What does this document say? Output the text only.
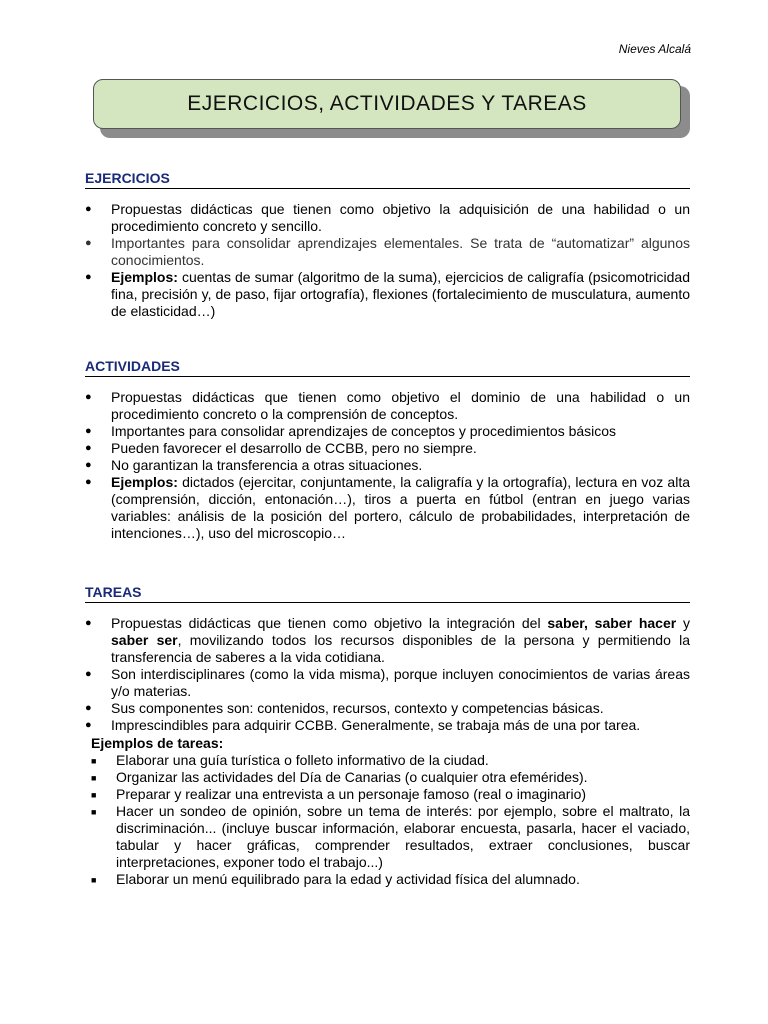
Nieves Alcalá
EJERCICIOS, ACTIVIDADES Y TAREAS
EJERCICIOS
● Propuestas didácticas que tienen como objetivo la adquisición de una habilidad o un procedimiento concreto y sencillo.
● Importantes para consolidar aprendizajes elementales. Se trata de “automatizar” algunos conocimientos.
● Ejemplos: cuentas de sumar (algoritmo de la suma), ejercicios de caligrafía (psicomotricidad fina, precisión y, de paso, fijar ortografía), flexiones (fortalecimiento de musculatura, aumento de elasticidad…)
ACTIVIDADES
● Propuestas didácticas que tienen como objetivo el dominio de una habilidad o un procedimiento concreto o la comprensión de conceptos.
● Importantes para consolidar aprendizajes de conceptos y procedimientos básicos
● Pueden favorecer el desarrollo de CCBB, pero no siempre.
● No garantizan la transferencia a otras situaciones.
● Ejemplos: dictados (ejercitar, conjuntamente, la caligrafía y la ortografía), lectura en voz alta (comprensión, dicción, entonación…), tiros a puerta en fútbol (entran en juego varias variables: análisis de la posición del portero, cálculo de probabilidades, interpretación de intenciones…), uso del microscopio…
TAREAS
● Propuestas didácticas que tienen como objetivo la integración del saber, saber hacer y saber ser, movilizando todos los recursos disponibles de la persona y permitiendo la transferencia de saberes a la vida cotidiana.
● Son interdisciplinares (como la vida misma), porque incluyen conocimientos de varias áreas y/o materias.
● Sus componentes son: contenidos, recursos, contexto y competencias básicas.
● Imprescindibles para adquirir CCBB. Generalmente, se trabaja más de una por tarea.
Ejemplos de tareas:
■ Elaborar una guía turística o folleto informativo de la ciudad.
■ Organizar las actividades del Día de Canarias (o cualquier otra efemérides).
■ Preparar y realizar una entrevista a un personaje famoso (real o imaginario)
■ Hacer un sondeo de opinión, sobre un tema de interés: por ejemplo, sobre el maltrato, la discriminación... (incluye buscar información, elaborar encuesta, pasarla, hacer el vaciado, tabular y hacer gráficas, comprender resultados, extraer conclusiones, buscar interpretaciones, exponer todo el trabajo...)
■ Elaborar un menú equilibrado para la edad y actividad física del alumnado.
